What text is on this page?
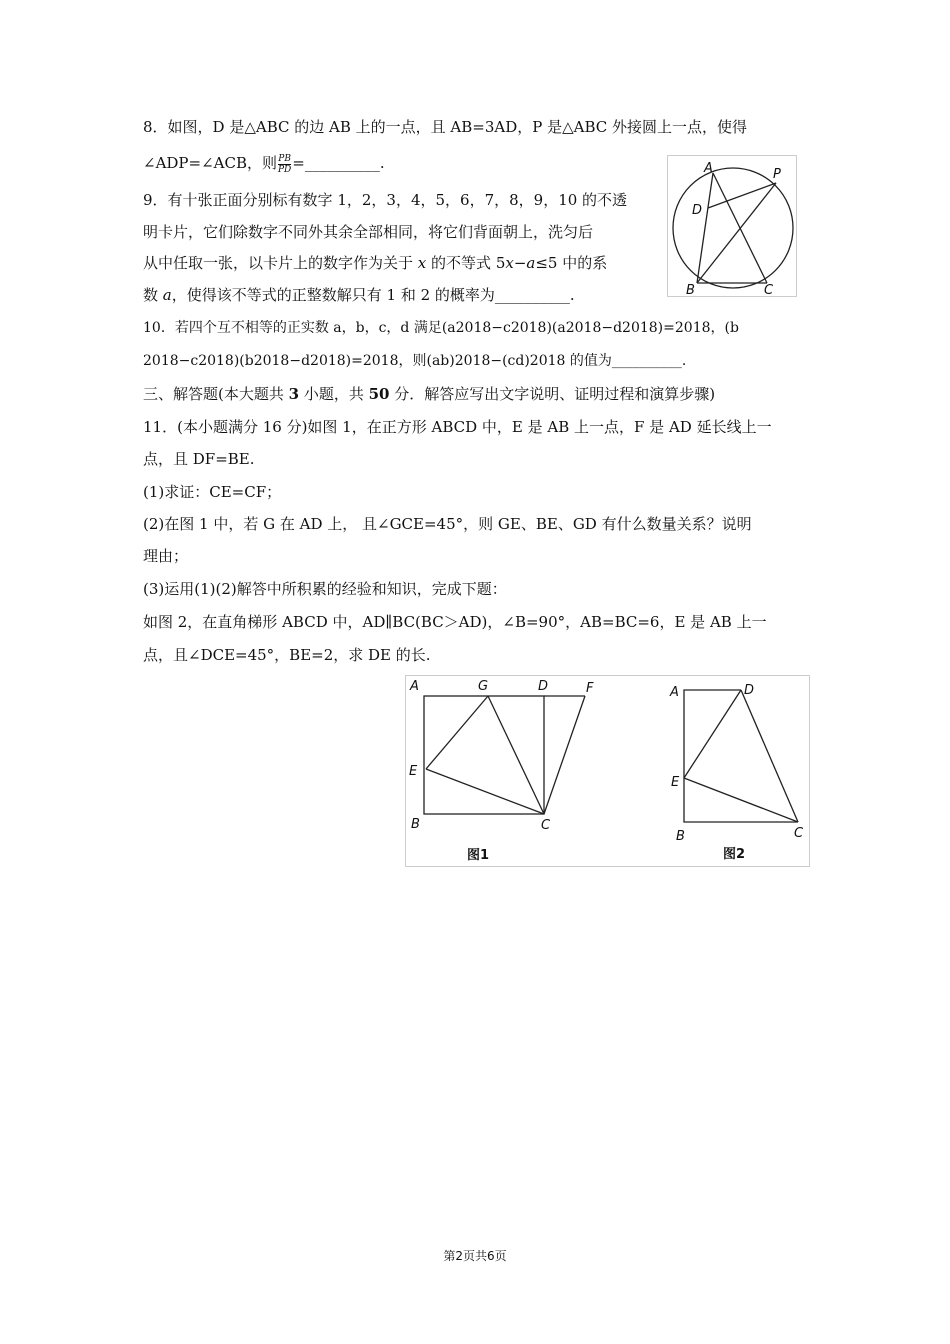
8．如图，D 是△ABC 的边 AB 上的一点，且 AB=3AD，P 是△ABC 外接圆上一点，使得
∠ADP=∠ACB，则 $\frac{PB}{PD}$ =__________.
9．有十张正面分别标有数字 1，2，3，4，5，6，7，8，9，10 的不透
明卡片，它们除数字不同外其余全部相同，将它们背面朝上，洗匀后
从中任取一张，以卡片上的数字作为关于 x 的不等式 5x−a≤5 中的系
数 a，使得该不等式的正整数解只有 1 和 2 的概率为__________.
10．若四个互不相等的正实数 a，b，c，d 满足(a2018−c2018)(a2018−d2018)=2018，(b
2018−c2018)(b2018−d2018)=2018，则(ab)2018−(cd)2018 的值为__________.
三、解答题(本大题共 3 小题，共 50 分．解答应写出文字说明、证明过程和演算步骤)
11．(本小题满分 16 分)如图 1，在正方形 ABCD 中，E 是 AB 上一点，F 是 AD 延长线上一
点，且 DF=BE.
(1)求证：CE=CF；
(2)在图 1 中，若 G 在 AD 上， 且∠GCE=45°，则 GE、BE、GD 有什么数量关系？说明
理由；
(3)运用(1)(2)解答中所积累的经验和知识，完成下题：
如图 2，在直角梯形 ABCD 中，AD∥BC(BC＞AD)，∠B=90°，AB=BC=6，E 是 AB 上一
点，且∠DCE=45°，BE=2，求 DE 的长.
A	P
D
B	C
A	G	D	F
E
B	C
图1
A	D
E
B	C
图2
第2页共6页
